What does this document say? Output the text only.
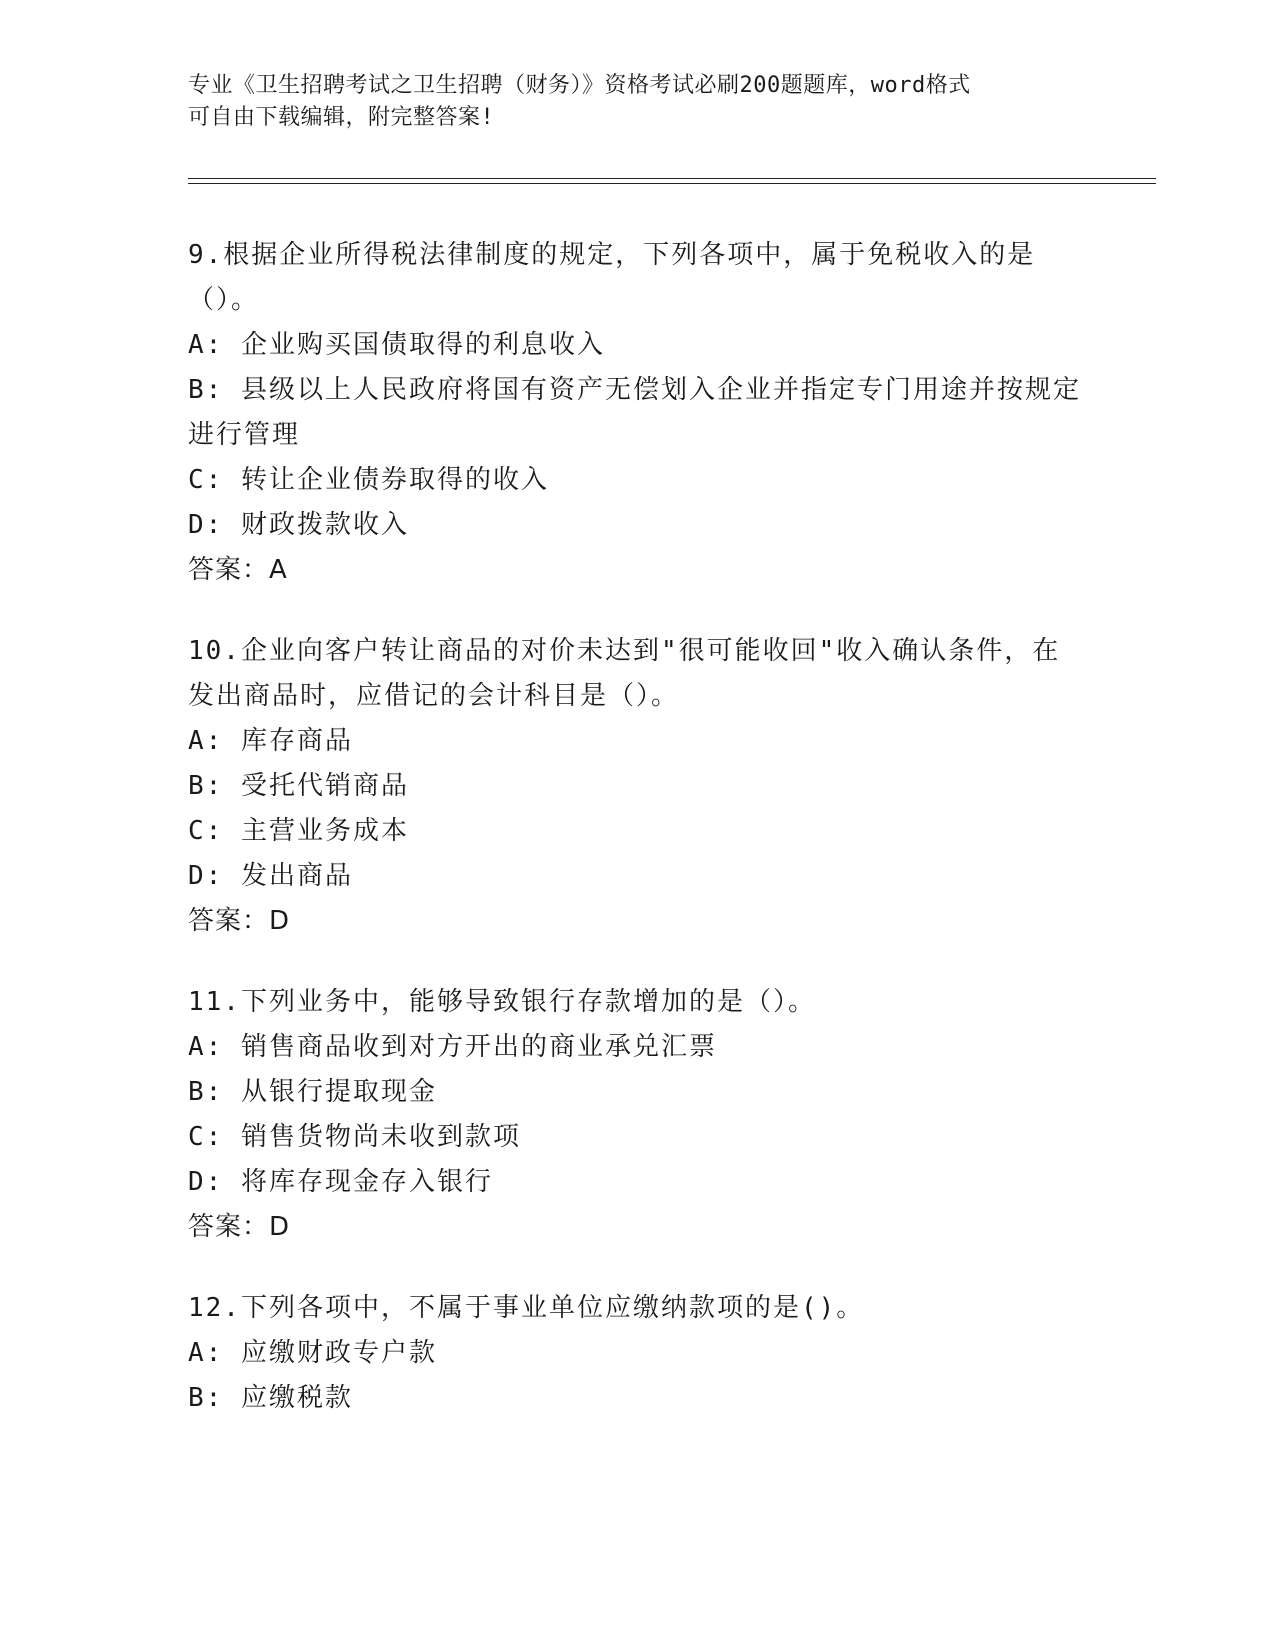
专业《卫生招聘考试之卫生招聘（财务）》资格考试必刷200题题库，word格式
可自由下载编辑，附完整答案!

9.根据企业所得税法律制度的规定，下列各项中，属于免税收入的是（）。

A: 企业购买国债取得的利息收入

B: 县级以上人民政府将国有资产无偿划入企业并指定专门用途并按规定进行管理

C: 转让企业债券取得的收入

D: 财政拨款收入

答案：A

10.企业向客户转让商品的对价未达到"很可能收回"收入确认条件，在发出商品时，应借记的会计科目是（）。

A: 库存商品

B: 受托代销商品

C: 主营业务成本

D: 发出商品

答案：D

11.下列业务中，能够导致银行存款增加的是（）。

A: 销售商品收到对方开出的商业承兑汇票

B: 从银行提取现金

C: 销售货物尚未收到款项

D: 将库存现金存入银行

答案：D

12.下列各项中，不属于事业单位应缴纳款项的是()。

A: 应缴财政专户款

B: 应缴税款
